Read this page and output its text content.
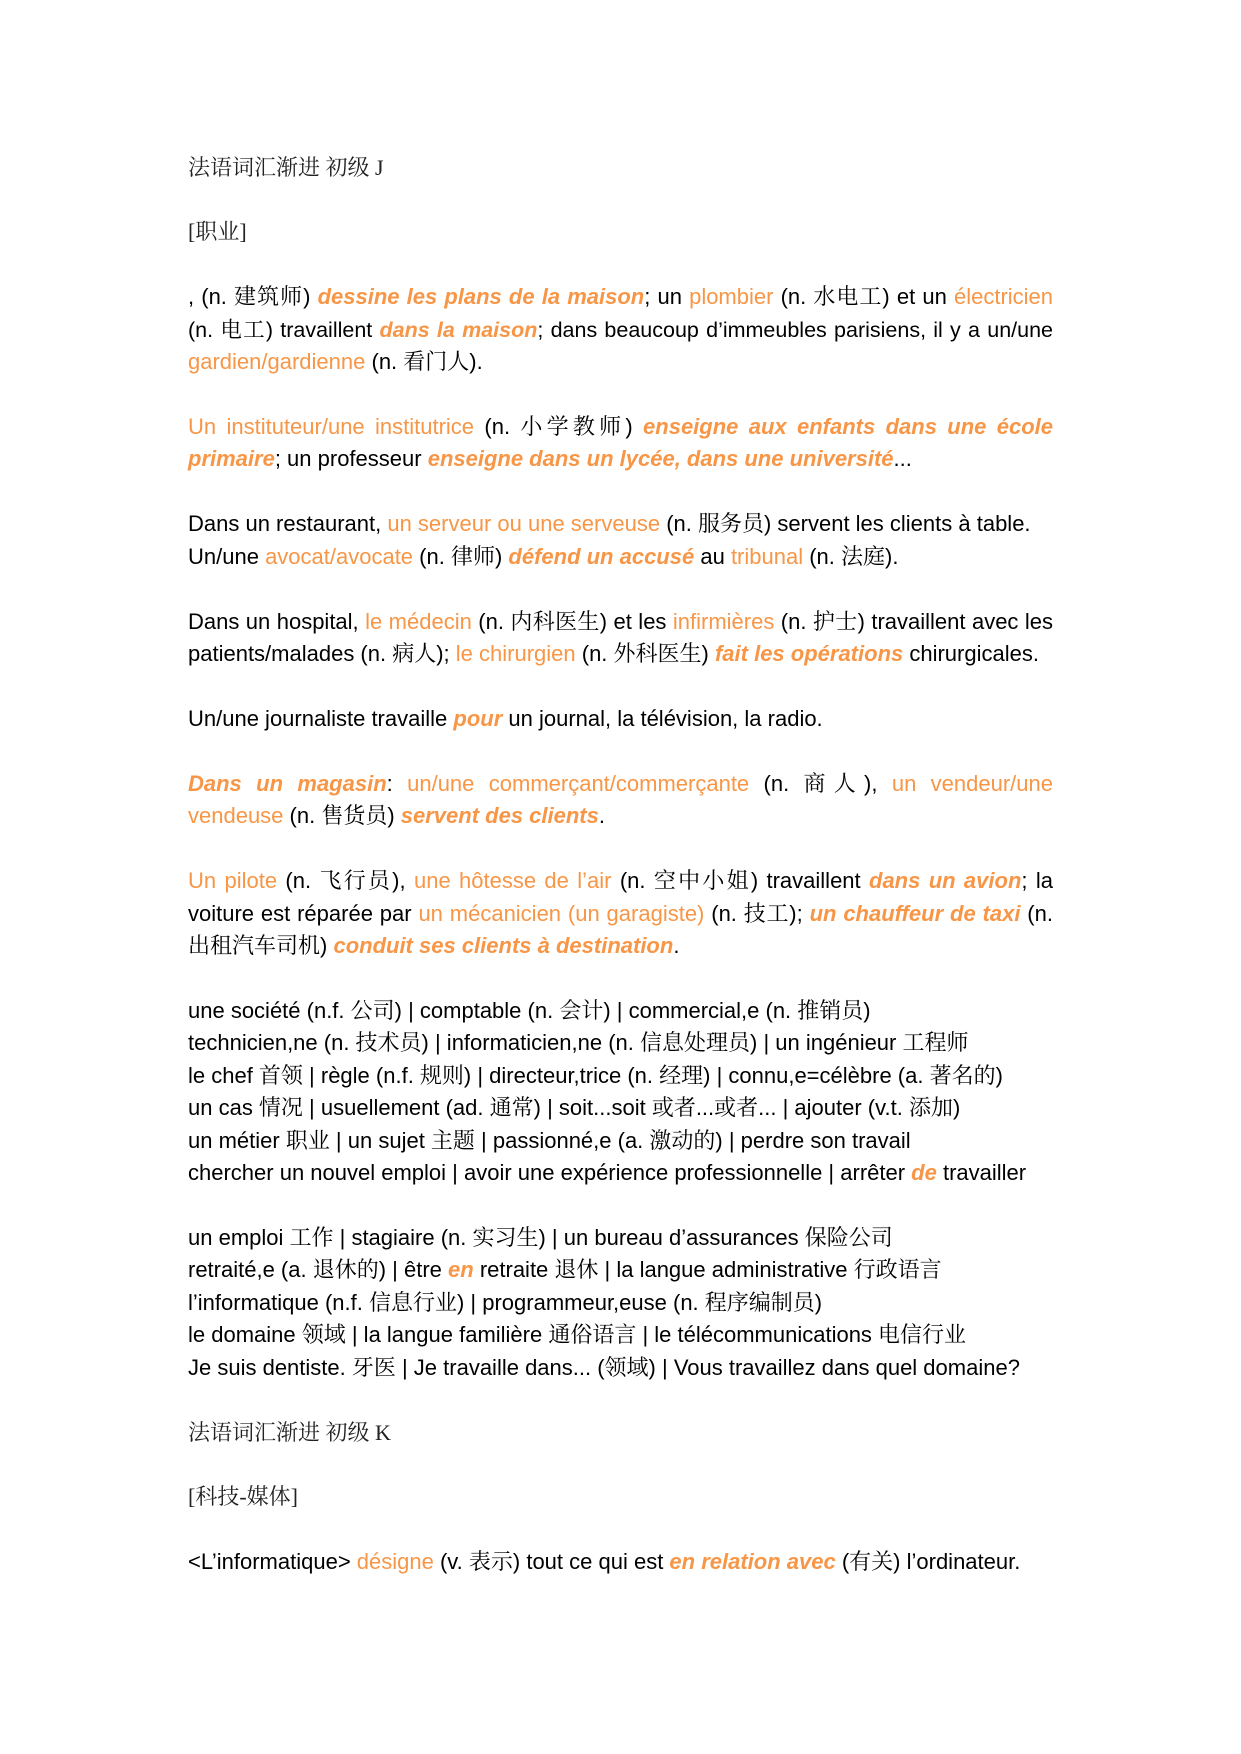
法语词汇渐进 初级 J
[职业]
, (n. 建筑师) dessine les plans de la maison; un plombier (n. 水电工) et un électricien
(n. 电工) travaillent dans la maison; dans beaucoup d’immeubles parisiens, il y a un/une
gardien/gardienne (n. 看门人).
Un instituteur/une institutrice (n. 小学教师) enseigne aux enfants dans une école
primaire; un professeur enseigne dans un lycée, dans une université...
Dans un restaurant, un serveur ou une serveuse (n. 服务员) servent les clients à table.
Un/une avocat/avocate (n. 律师) défend un accusé au tribunal (n. 法庭).
Dans un hospital, le médecin (n. 内科医生) et les infirmières (n. 护士) travaillent avec les
patients/malades (n. 病人); le chirurgien (n. 外科医生) fait les opérations chirurgicales.
Un/une journaliste travaille pour un journal, la télévision, la radio.
Dans un magasin: un/une commerçant/commerçante (n. 商人), un vendeur/une
vendeuse (n. 售货员) servent des clients.
Un pilote (n. 飞行员), une hôtesse de l’air (n. 空中小姐) travaillent dans un avion; la
voiture est réparée par un mécanicien (un garagiste) (n. 技工); un chauffeur de taxi (n.
出租汽车司机) conduit ses clients à destination.
une société (n.f. 公司) | comptable (n. 会计) | commercial,e (n. 推销员)
technicien,ne (n. 技术员) | informaticien,ne (n. 信息处理员) | un ingénieur 工程师
le chef 首领 | règle (n.f. 规则) | directeur,trice (n. 经理) | connu,e=célèbre (a. 著名的)
un cas 情况 | usuellement (ad. 通常) | soit...soit 或者...或者... | ajouter (v.t. 添加)
un métier 职业 | un sujet 主题 | passionné,e (a. 激动的) | perdre son travail
chercher un nouvel emploi | avoir une expérience professionnelle | arrêter de travailler
un emploi 工作 | stagiaire (n. 实习生) | un bureau d’assurances 保险公司
retraité,e (a. 退休的) | être en retraite 退休 | la langue administrative 行政语言
l’informatique (n.f. 信息行业) | programmeur,euse (n. 程序编制员)
le domaine 领域 | la langue familière 通俗语言 | le télécommunications 电信行业
Je suis dentiste. 牙医 | Je travaille dans... (领域) | Vous travaillez dans quel domaine?
法语词汇渐进 初级 K
[科技-媒体]
<L’informatique> désigne (v. 表示) tout ce qui est en relation avec (有关) l’ordinateur.
